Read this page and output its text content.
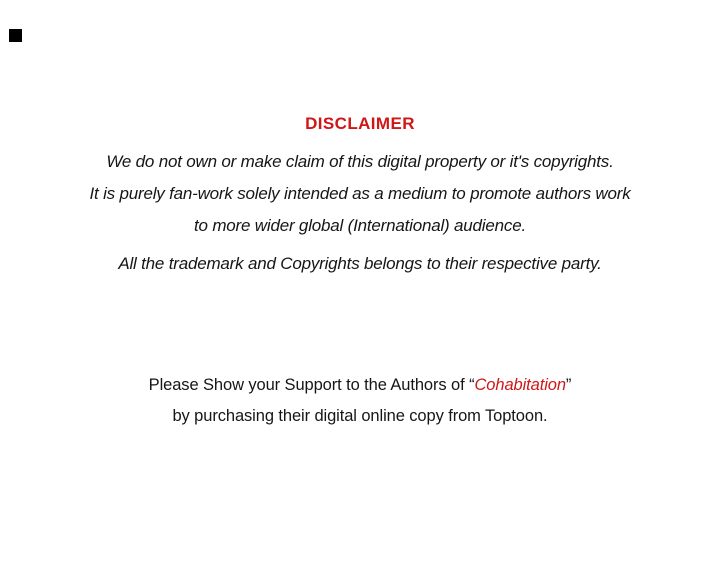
DISCLAIMER

We do not own or make claim of this digital property or it's copyrights.

It is purely fan-work solely intended as a medium to promote authors work

to more wider global (International) audience.

All the trademark and Copyrights belongs to their respective party.

Please Show your Support to the Authors of “Cohabitation”

by purchasing their digital online copy from Toptoon.
